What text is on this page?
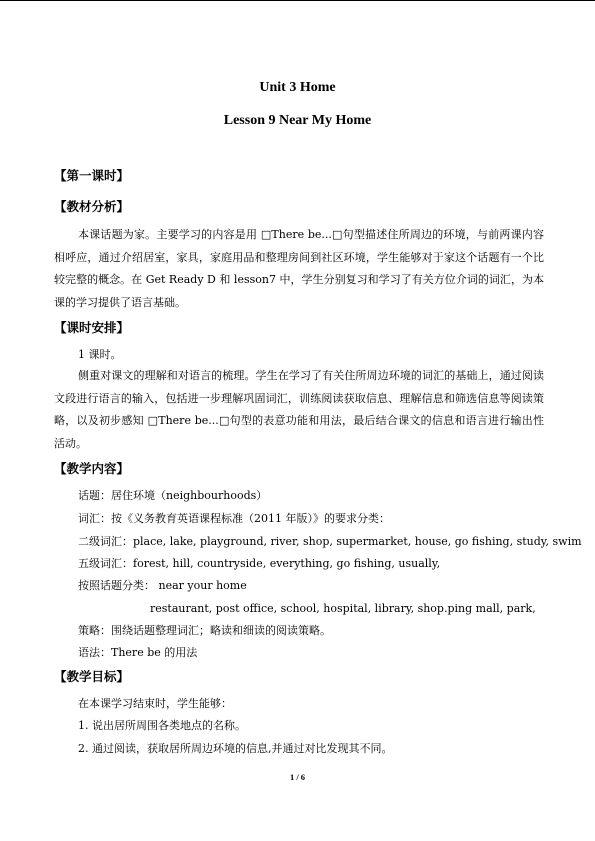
Unit 3 Home
Lesson 9 Near My Home
【第一课时】
【教材分析】
本课话题为家。主要学习的内容是用 □There be...□句型描述住所周边的环境，与前两课内容相呼应，通过介绍居室，家具，家庭用品和整理房间到社区环境，学生能够对于家这个话题有一个比较完整的概念。在 Get Ready D 和 lesson7 中，学生分别复习和学习了有关方位介词的词汇，为本课的学习提供了语言基础。
【课时安排】
1 课时。
侧重对课文的理解和对语言的梳理。学生在学习了有关住所周边环境的词汇的基础上，通过阅读文段进行语言的输入，包括进一步理解巩固词汇，训练阅读获取信息、理解信息和筛选信息等阅读策略，以及初步感知 □There be...□句型的表意功能和用法，最后结合课文的信息和语言进行输出性活动。
【教学内容】
话题：居住环境（neighbourhoods）
词汇：按《义务教育英语课程标准（2011 年版）》的要求分类：
二级词汇：place, lake, playground, river, shop, supermarket, house, go fishing, study, swim
五级词汇：forest, hill, countryside, everything, go fishing, usually,
按照话题分类： near your home
restaurant, post office, school, hospital, library, shop.ping mall, park,
策略：围绕话题整理词汇；略读和细读的阅读策略。
语法：There be 的用法
【教学目标】
在本课学习结束时，学生能够：
1. 说出居所周围各类地点的名称。
2. 通过阅读，获取居所周边环境的信息,并通过对比发现其不同。
1 / 6
